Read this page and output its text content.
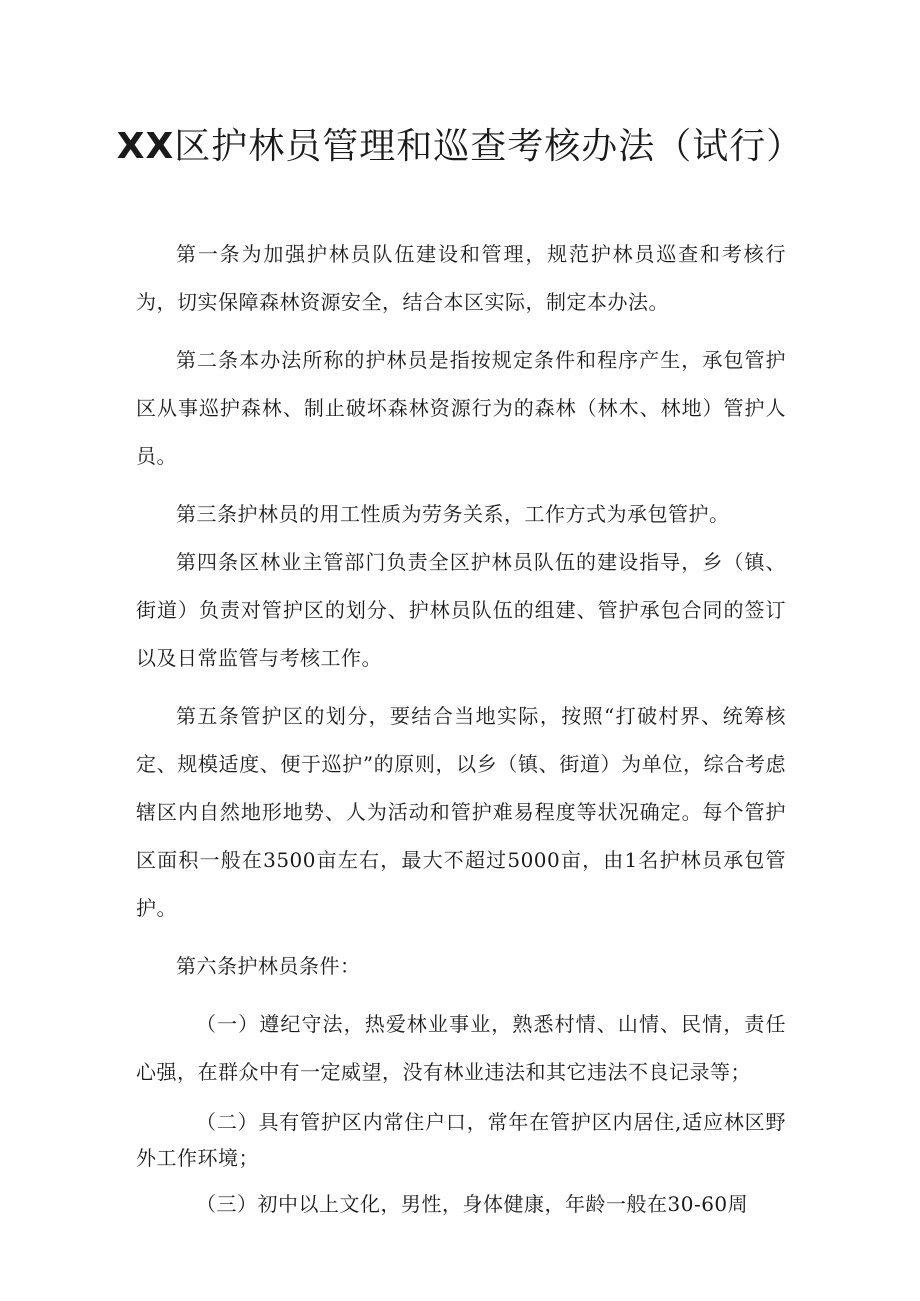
XX区护林员管理和巡查考核办法（试行）

第一条为加强护林员队伍建设和管理，规范护林员巡查和考核行为，切实保障森林资源安全，结合本区实际，制定本办法。

第二条本办法所称的护林员是指按规定条件和程序产生，承包管护区从事巡护森林、制止破坏森林资源行为的森林（林木、林地）管护人员。

第三条护林员的用工性质为劳务关系，工作方式为承包管护。

第四条区林业主管部门负责全区护林员队伍的建设指导，乡（镇、街道）负责对管护区的划分、护林员队伍的组建、管护承包合同的签订以及日常监管与考核工作。

第五条管护区的划分，要结合当地实际，按照“打破村界、统筹核定、规模适度、便于巡护”的原则，以乡（镇、街道）为单位，综合考虑辖区内自然地形地势、人为活动和管护难易程度等状况确定。每个管护区面积一般在3500亩左右，最大不超过5000亩，由1名护林员承包管护。

第六条护林员条件：

（一）遵纪守法，热爱林业事业，熟悉村情、山情、民情，责任心强，在群众中有一定威望，没有林业违法和其它违法不良记录等；

（二）具有管护区内常住户口，常年在管护区内居住,适应林区野外工作环境；

（三）初中以上文化，男性，身体健康，年龄一般在30-60周
